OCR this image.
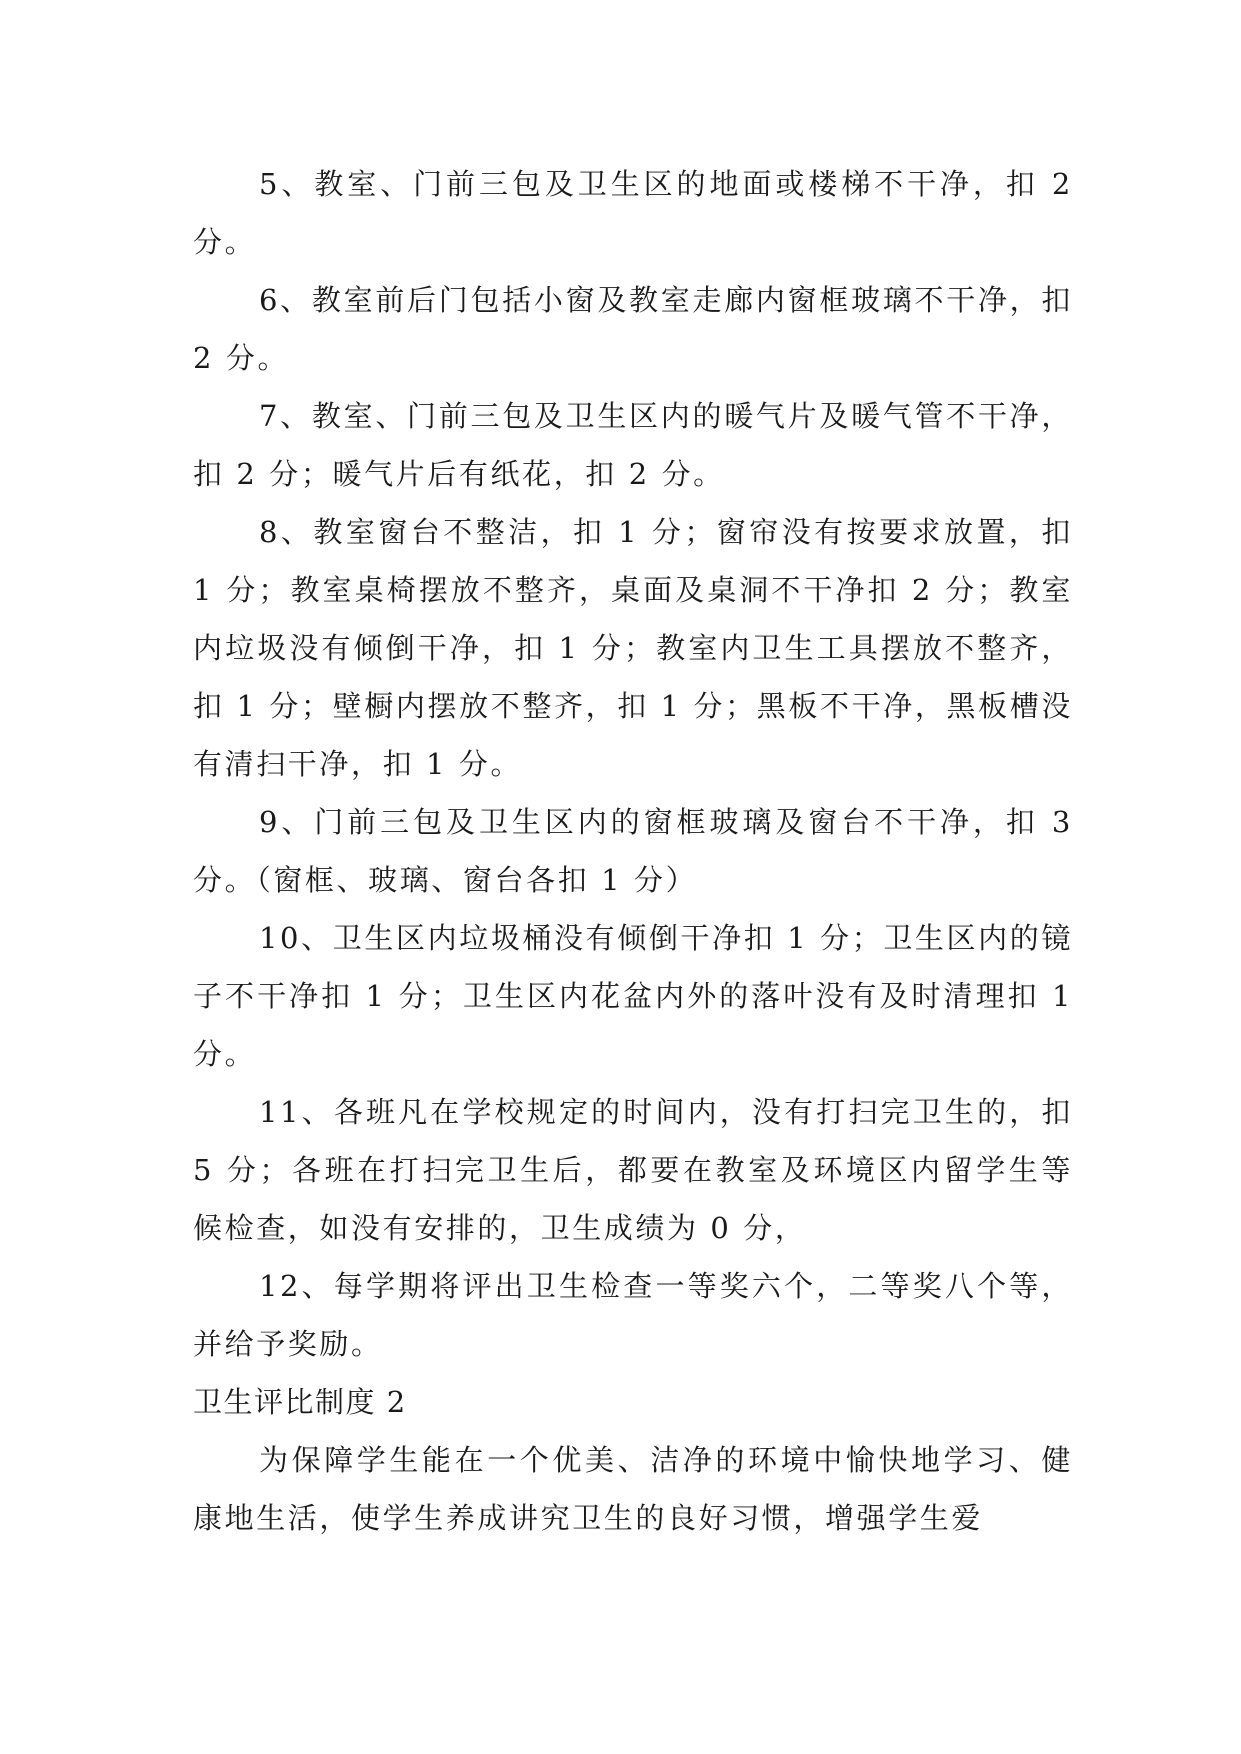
5、教室、门前三包及卫生区的地面或楼梯不干净，扣 2 分。

6、教室前后门包括小窗及教室走廊内窗框玻璃不干净，扣 2 分。

7、教室、门前三包及卫生区内的暖气片及暖气管不干净，扣 2 分；暖气片后有纸花，扣 2 分。

8、教室窗台不整洁，扣 1 分；窗帘没有按要求放置，扣 1 分；教室桌椅摆放不整齐，桌面及桌洞不干净扣 2 分；教室内垃圾没有倾倒干净，扣 1 分；教室内卫生工具摆放不整齐，扣 1 分；壁橱内摆放不整齐，扣 1 分；黑板不干净，黑板槽没有清扫干净，扣 1 分。

9、门前三包及卫生区内的窗框玻璃及窗台不干净，扣 3 分。（窗框、玻璃、窗台各扣 1 分）

10、卫生区内垃圾桶没有倾倒干净扣 1 分；卫生区内的镜子不干净扣 1 分；卫生区内花盆内外的落叶没有及时清理扣 1 分。

11、各班凡在学校规定的时间内，没有打扫完卫生的，扣 5 分；各班在打扫完卫生后，都要在教室及环境区内留学生等候检查，如没有安排的，卫生成绩为 0 分，

12、每学期将评出卫生检查一等奖六个，二等奖八个等，并给予奖励。

卫生评比制度 2

为保障学生能在一个优美、洁净的环境中愉快地学习、健康地生活，使学生养成讲究卫生的良好习惯，增强学生爱
